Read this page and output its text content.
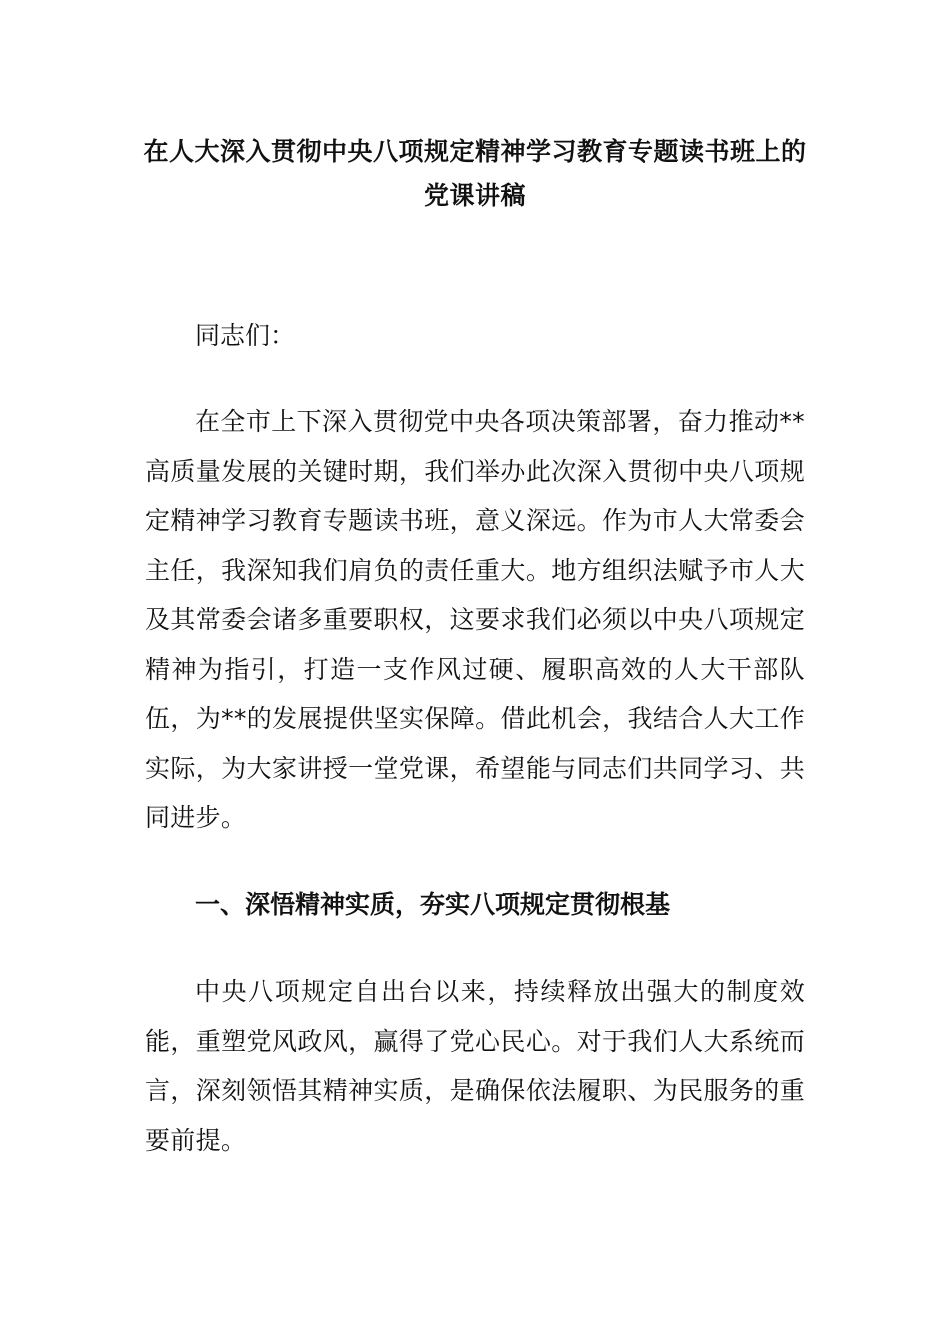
在人大深入贯彻中央八项规定精神学习教育专题读书班上的党课讲稿

同志们：

在全市上下深入贯彻党中央各项决策部署，奋力推动**高质量发展的关键时期，我们举办此次深入贯彻中央八项规定精神学习教育专题读书班，意义深远。作为市人大常委会主任，我深知我们肩负的责任重大。地方组织法赋予市人大及其常委会诸多重要职权，这要求我们必须以中央八项规定精神为指引，打造一支作风过硬、履职高效的人大干部队伍，为**的发展提供坚实保障。借此机会，我结合人大工作实际，为大家讲授一堂党课，希望能与同志们共同学习、共同进步。

一、深悟精神实质，夯实八项规定贯彻根基

中央八项规定自出台以来，持续释放出强大的制度效能，重塑党风政风，赢得了党心民心。对于我们人大系统而言，深刻领悟其精神实质，是确保依法履职、为民服务的重要前提。
